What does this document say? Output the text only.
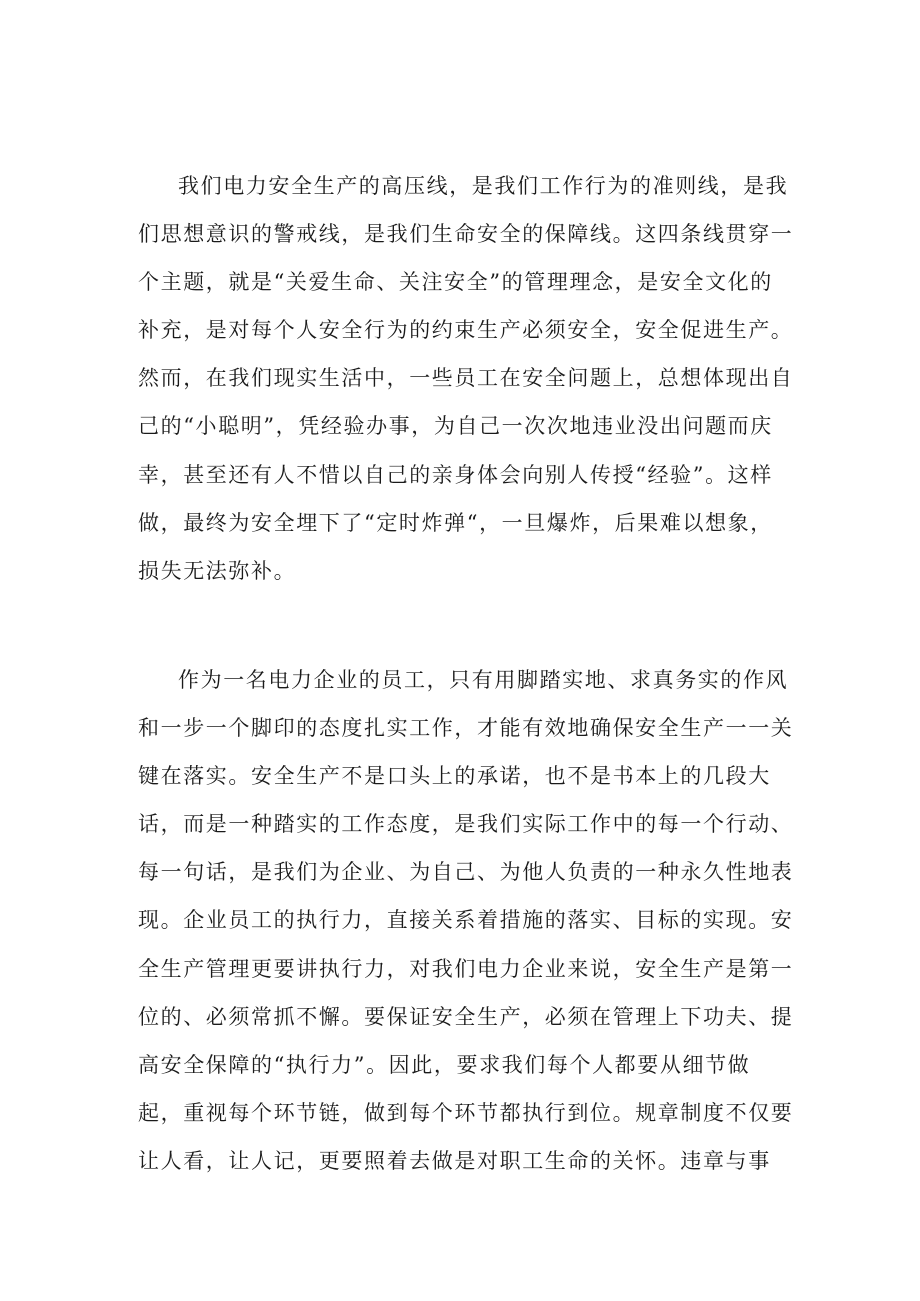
我们电力安全生产的高压线，是我们工作行为的准则线，是我
们思想意识的警戒线，是我们生命安全的保障线。这四条线贯穿一
个主题，就是“关爱生命、关注安全”的管理理念，是安全文化的
补充，是对每个人安全行为的约束生产必须安全，安全促进生产。
然而，在我们现实生活中，一些员工在安全问题上，总想体现出自
己的“小聪明”，凭经验办事，为自己一次次地违业没出问题而庆
幸，甚至还有人不惜以自己的亲身体会向别人传授“经验”。这样
做，最终为安全埋下了“定时炸弹“，一旦爆炸，后果难以想象，
损失无法弥补。
作为一名电力企业的员工，只有用脚踏实地、求真务实的作风
和一步一个脚印的态度扎实工作，才能有效地确保安全生产一一关
键在落实。安全生产不是口头上的承诺，也不是书本上的几段大
话，而是一种踏实的工作态度，是我们实际工作中的每一个行动、
每一句话，是我们为企业、为自己、为他人负责的一种永久性地表
现。企业员工的执行力，直接关系着措施的落实、目标的实现。安
全生产管理更要讲执行力，对我们电力企业来说，安全生产是第一
位的、必须常抓不懈。要保证安全生产，必须在管理上下功夫、提
高安全保障的“执行力”。因此，要求我们每个人都要从细节做
起，重视每个环节链，做到每个环节都执行到位。规章制度不仅要
让人看，让人记，更要照着去做是对职工生命的关怀。违章与事
